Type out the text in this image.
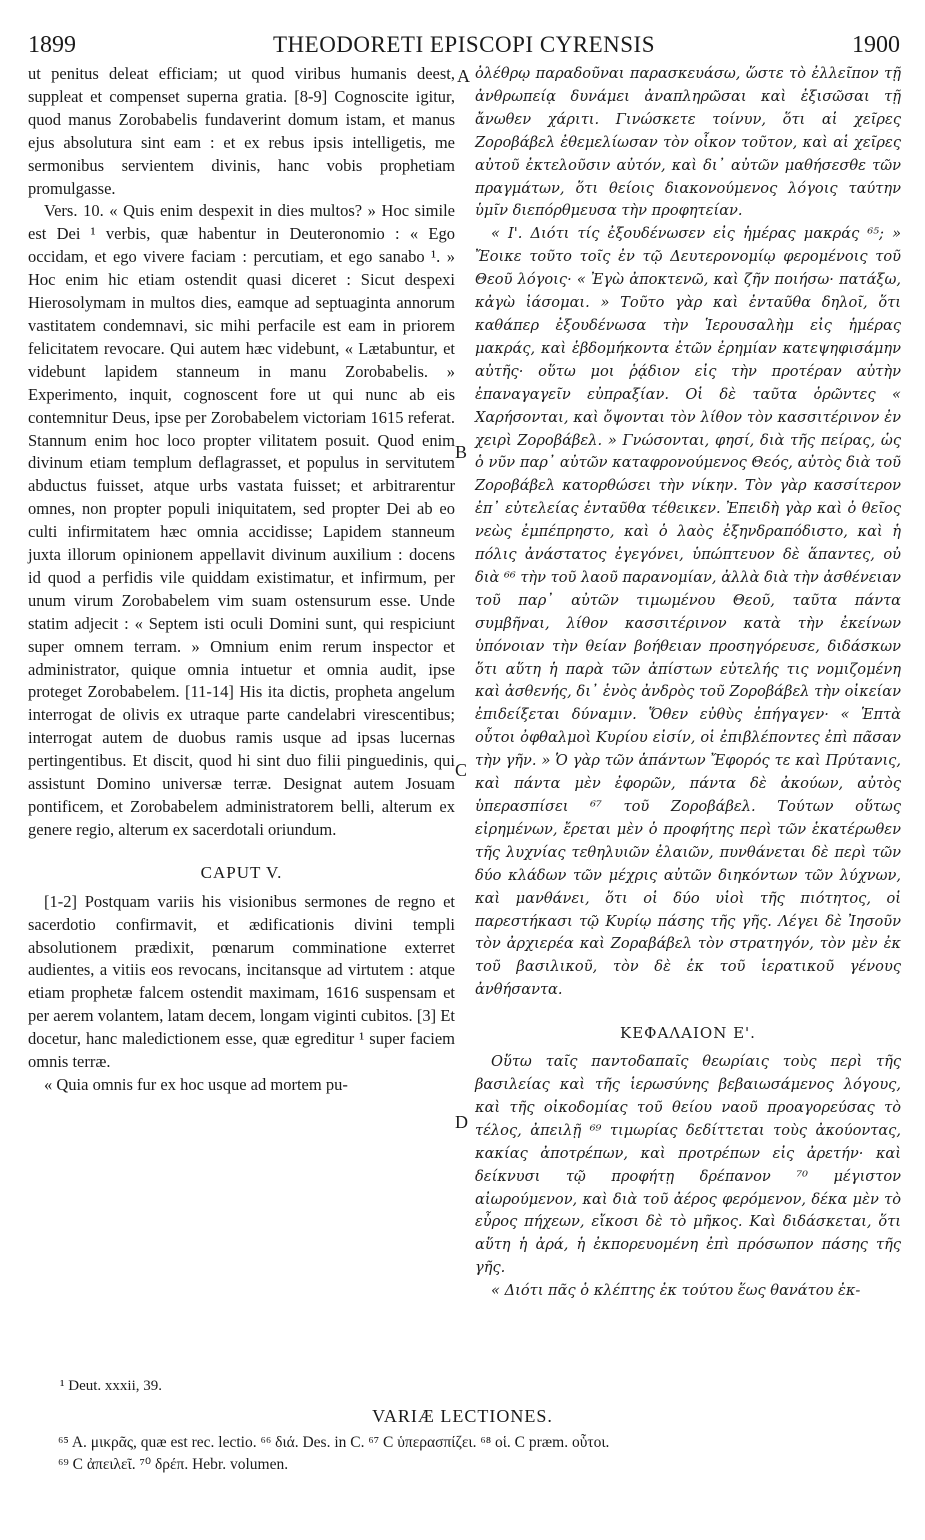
1899	THEODORETI EPISCOPI CYRENSIS	1900

ut penitus deleat efficiam; ut quod viribus humanis deest, suppleat et compenset superna gratia. [8-9] Cognoscite igitur, quod manus Zorobabelis fundaverint domum istam, et manus ejus absolutura sint eam : et ex rebus ipsis intelligetis, me sermonibus servientem divinis, hanc vobis prophetiam promulgasse.

Vers. 10. « Quis enim despexit in dies multos? » Hoc simile est Dei ¹ verbis, quæ habentur in Deuteronomio : « Ego occidam, et ego vivere faciam : percutiam, et ego sanabo ¹. » Hoc enim hic etiam ostendit quasi diceret : Sicut despexi Hierosolymam in multos dies, eamque ad septuaginta annorum vastitatem condemnavi, sic mihi perfacile est eam in priorem felicitatem revocare. Qui autem hæc videbunt, « Lætabuntur, et videbunt lapidem stanneum in manu Zorobabelis. » Experimento, inquit, cognoscent fore ut qui nunc ab eis contemnitur Deus, ipse per Zorobabelem victoriam 1615 referat. Stannum enim hoc loco propter vilitatem posuit. Quod enim divinum etiam templum deflagrasset, et populus in servitutem abductus fuisset, atque urbs vastata fuisset; et arbitrarentur omnes, non propter populi iniquitatem, sed propter Dei ab eo culti infirmitatem hæc omnia accidisse; Lapidem stanneum juxta illorum opinionem appellavit divinum auxilium : docens id quod a perfidis vile quiddam existimatur, et infirmum, per unum virum Zorobabelem vim suam ostensurum esse. Unde statim adjecit : « Septem isti oculi Domini sunt, qui respiciunt super omnem terram. » Omnium enim rerum inspector et administrator, quique omnia intuetur et omnia audit, ipse proteget Zorobabelem. [11-14] His ita dictis, propheta angelum interrogat de olivis ex utraque parte candelabri virescentibus; interrogat autem de duobus ramis usque ad ipsas lucernas pertingentibus. Et discit, quod hi sint duo filii pinguedinis, qui assistunt Domino universæ terræ. Designat autem Josuam pontificem, et Zorobabelem administratorem belli, alterum ex genere regio, alterum ex sacerdotali oriundum.

CAPUT V.

[1-2] Postquam variis his visionibus sermones de regno et sacerdotio confirmavit, et ædificationis divini templi absolutionem prædixit, pœnarum comminatione exterret audientes, a vitiis eos revocans, incitansque ad virtutem : atque etiam prophetæ falcem ostendit maximam, 1616 suspensam et per aerem volantem, latam decem, longam viginti cubitos. [3] Et docetur, hanc maledictionem esse, quæ egreditur ¹ super faciem omnis terræ.

« Quia omnis fur ex hoc usque ad mortem pu-

A
B
C
D

ὀλέθρῳ παραδοῦναι παρασκευάσω, ὥστε τὸ ἐλλεῖπον τῇ ἀνθρωπείᾳ δυνάμει ἀναπληρῶσαι καὶ ἐξισῶσαι τῇ ἄνωθεν χάριτι. Γινώσκετε τοίνυν, ὅτι αἱ χεῖρες Ζοροβάβελ ἐθεμελίωσαν τὸν οἶκον τοῦτον, καὶ αἱ χεῖρες αὐτοῦ ἐκτελοῦσιν αὐτόν, καὶ δι᾽ αὐτῶν μαθήσεσθε τῶν πραγμάτων, ὅτι θείοις διακονούμενος λόγοις ταύτην ὑμῖν διεπόρθμευσα τὴν προφητείαν.

« Ι'. Διότι τίς ἐξουδένωσεν εἰς ἡμέρας μακράς ⁶⁵; » Ἔοικε τοῦτο τοῖς ἐν τῷ Δευτερονομίῳ φερομένοις τοῦ Θεοῦ λόγοις· « Ἐγὼ ἀποκτενῶ, καὶ ζῆν ποιήσω· πατάξω, κἀγὼ ἰάσομαι. » Τοῦτο γὰρ καὶ ἐνταῦθα δηλοῖ, ὅτι καθάπερ ἐξουδένωσα τὴν Ἱερουσαλὴμ εἰς ἡμέρας μακράς, καὶ ἑβδομήκοντα ἐτῶν ἐρημίαν κατεψηφισάμην αὐτῆς· οὕτω μοι ῥᾴδιον εἰς τὴν προτέραν αὐτὴν ἐπαναγαγεῖν εὐπραξίαν. Οἱ δὲ ταῦτα ὁρῶντες « Χαρήσονται, καὶ ὄψονται τὸν λίθον τὸν κασσιτέρινον ἐν χειρὶ Ζοροβάβελ. » Γνώσονται, φησί, διὰ τῆς πείρας, ὡς ὁ νῦν παρ᾽ αὐτῶν καταφρονούμενος Θεός, αὐτὸς διὰ τοῦ Ζοροβάβελ κατορθώσει τὴν νίκην. Τὸν γὰρ κασσίτερον ἐπ᾽ εὐτελείας ἐνταῦθα τέθεικεν. Ἐπειδὴ γὰρ καὶ ὁ θεῖος νεὼς ἐμπέπρηστο, καὶ ὁ λαὸς ἐξηνδραπόδιστο, καὶ ἡ πόλις ἀνάστατος ἐγεγόνει, ὑπώπτευον δὲ ἅπαντες, οὐ διὰ ⁶⁶ τὴν τοῦ λαοῦ παρανομίαν, ἀλλὰ διὰ τὴν ἀσθένειαν τοῦ παρ᾽ αὐτῶν τιμωμένου Θεοῦ, ταῦτα πάντα συμβῆναι, λίθον κασσιτέρινον κατὰ τὴν ἐκείνων ὑπόνοιαν τὴν θείαν βοήθειαν προσηγόρευσε, διδάσκων ὅτι αὕτη ἡ παρὰ τῶν ἀπίστων εὐτελής τις νομιζομένη καὶ ἀσθενής, δι᾽ ἑνὸς ἀνδρὸς τοῦ Ζοροβάβελ τὴν οἰκείαν ἐπιδείξεται δύναμιν. Ὅθεν εὐθὺς ἐπήγαγεν· « Ἑπτὰ οὗτοι ὀφθαλμοὶ Κυρίου εἰσίν, οἱ ἐπιβλέποντες ἐπὶ πᾶσαν τὴν γῆν. » Ὁ γὰρ τῶν ἁπάντων Ἔφορός τε καὶ Πρύτανις, καὶ πάντα μὲν ἐφορῶν, πάντα δὲ ἀκούων, αὐτὸς ὑπερασπίσει ⁶⁷ τοῦ Ζοροβάβελ. Τούτων οὕτως εἰρημένων, ἔρεται μὲν ὁ προφήτης περὶ τῶν ἑκατέρωθεν τῆς λυχνίας τεθηλυιῶν ἐλαιῶν, πυνθάνεται δὲ περὶ τῶν δύο κλάδων τῶν μέχρις αὐτῶν διηκόντων τῶν λύχνων, καὶ μανθάνει, ὅτι οἱ δύο υἱοὶ τῆς πιότητος, οἱ παρεστήκασι τῷ Κυρίῳ πάσης τῆς γῆς. Λέγει δὲ Ἰησοῦν τὸν ἀρχιερέα καὶ Ζοραβάβελ τὸν στρατηγόν, τὸν μὲν ἐκ τοῦ βασιλικοῦ, τὸν δὲ ἐκ τοῦ ἱερατικοῦ γένους ἀνθήσαντα.

ΚΕΦΑΛΑΙΟΝ Ε'.

Οὕτω ταῖς παντοδαπαῖς θεωρίαις τοὺς περὶ τῆς βασιλείας καὶ τῆς ἱερωσύνης βεβαιωσάμενος λόγους, καὶ τῆς οἰκοδομίας τοῦ θείου ναοῦ προαγορεύσας τὸ τέλος, ἀπειλῇ ⁶⁹ τιμωρίας δεδίττεται τοὺς ἀκούοντας, κακίας ἀποτρέπων, καὶ προτρέπων εἰς ἀρετήν· καὶ δείκνυσι τῷ προφήτῃ δρέπανον ⁷⁰ μέγιστον αἰωρούμενον, καὶ διὰ τοῦ ἀέρος φερόμενον, δέκα μὲν τὸ εὖρος πήχεων, εἴκοσι δὲ τὸ μῆκος. Καὶ διδάσκεται, ὅτι αὕτη ἡ ἀρά, ἡ ἐκπορευομένη ἐπὶ πρόσωπον πάσης τῆς γῆς.

« Διότι πᾶς ὁ κλέπτης ἐκ τούτου ἕως θανάτου ἐκ-

¹ Deut. xxxii, 39.
VARIÆ LECTIONES.
⁶⁵ A. μικρᾶς, quæ est rec. lectio. ⁶⁶ διά. Des. in C. ⁶⁷ C ὑπερασπίζει. ⁶⁸ οἱ. C præm. οὗτοι.
⁶⁹ C ἀπειλεῖ. ⁷⁰ δρέπ. Hebr. volumen.
